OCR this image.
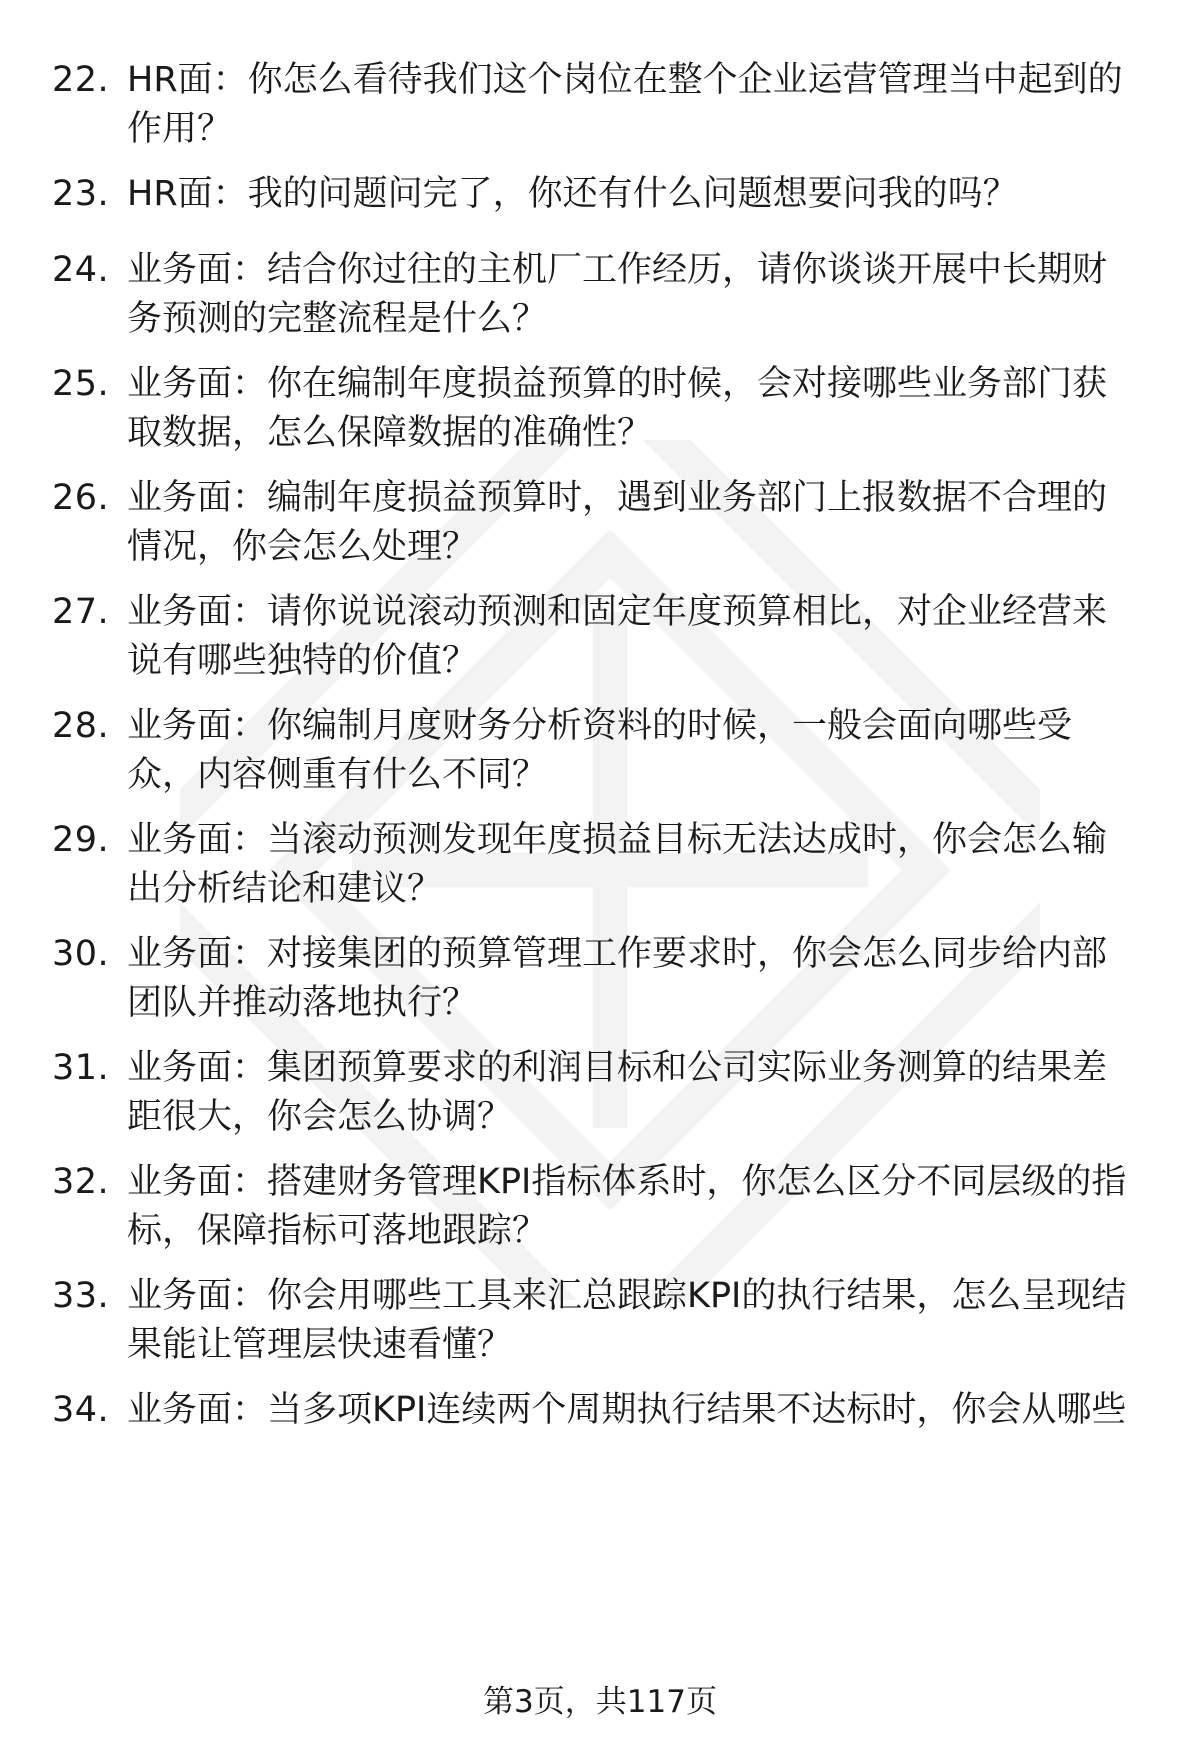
22. HR面：你怎么看待我们这个岗位在整个企业运营管理当中起到的
作用？
23. HR面：我的问题问完了，你还有什么问题想要问我的吗？
24. 业务面：结合你过往的主机厂工作经历，请你谈谈开展中长期财
务预测的完整流程是什么？
25. 业务面：你在编制年度损益预算的时候，会对接哪些业务部门获
取数据，怎么保障数据的准确性？
26. 业务面：编制年度损益预算时，遇到业务部门上报数据不合理的
情况，你会怎么处理？
27. 业务面：请你说说滚动预测和固定年度预算相比，对企业经营来
说有哪些独特的价值？
28. 业务面：你编制月度财务分析资料的时候，一般会面向哪些受
众，内容侧重有什么不同？
29. 业务面：当滚动预测发现年度损益目标无法达成时，你会怎么输
出分析结论和建议？
30. 业务面：对接集团的预算管理工作要求时，你会怎么同步给内部
团队并推动落地执行？
31. 业务面：集团预算要求的利润目标和公司实际业务测算的结果差
距很大，你会怎么协调？
32. 业务面：搭建财务管理KPI指标体系时，你怎么区分不同层级的指
标，保障指标可落地跟踪？
33. 业务面：你会用哪些工具来汇总跟踪KPI的执行结果，怎么呈现结
果能让管理层快速看懂？
34. 业务面：当多项KPI连续两个周期执行结果不达标时，你会从哪些
第3页，共117页
